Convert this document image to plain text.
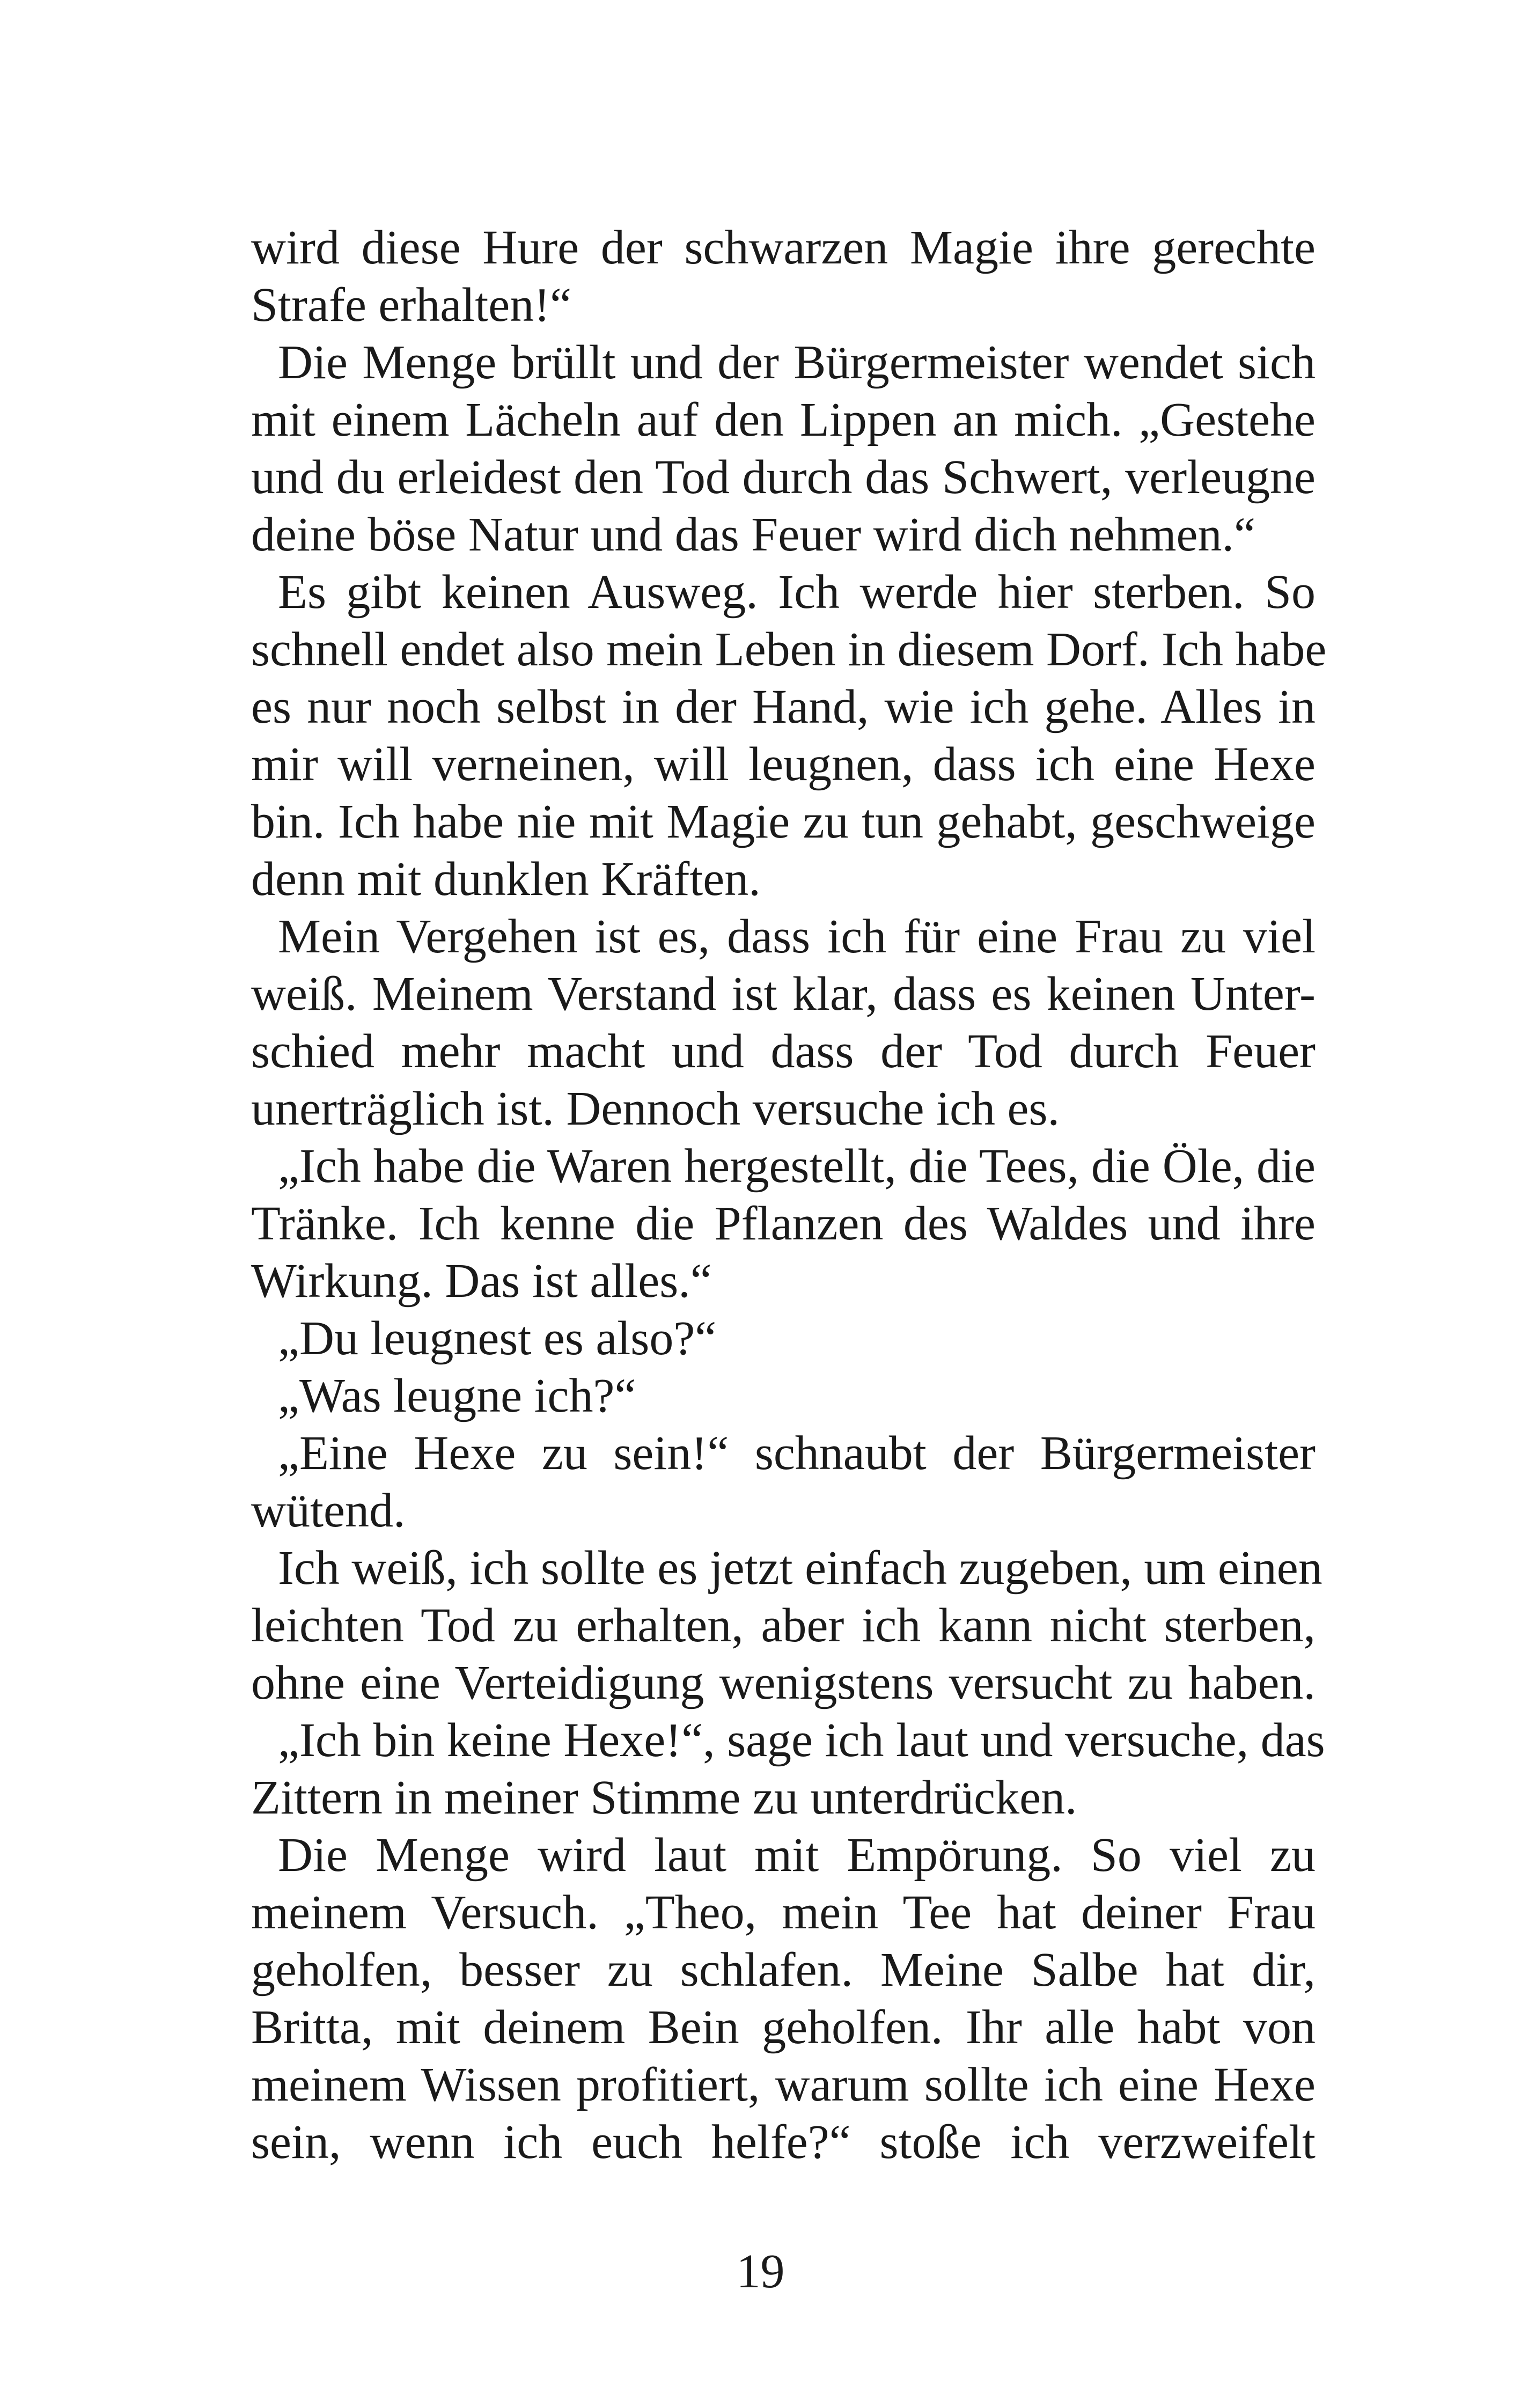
wird diese Hure der schwarzen Magie ihre gerechte
Strafe erhalten!“
Die Menge brüllt und der Bürgermeister wendet sich
mit einem Lächeln auf den Lippen an mich. „Gestehe
und du erleidest den Tod durch das Schwert, verleugne
deine böse Natur und das Feuer wird dich nehmen.“
Es gibt keinen Ausweg. Ich werde hier sterben. So
schnell endet also mein Leben in diesem Dorf. Ich habe
es nur noch selbst in der Hand, wie ich gehe. Alles in
mir will verneinen, will leugnen, dass ich eine Hexe
bin. Ich habe nie mit Magie zu tun gehabt, geschweige
denn mit dunklen Kräften.
Mein Vergehen ist es, dass ich für eine Frau zu viel
weiß. Meinem Verstand ist klar, dass es keinen Unter-
schied mehr macht und dass der Tod durch Feuer
unerträglich ist. Dennoch versuche ich es.
„Ich habe die Waren hergestellt, die Tees, die Öle, die
Tränke. Ich kenne die Pflanzen des Waldes und ihre
Wirkung. Das ist alles.“
„Du leugnest es also?“
„Was leugne ich?“
„Eine Hexe zu sein!“ schnaubt der Bürgermeister
wütend.
Ich weiß, ich sollte es jetzt einfach zugeben, um einen
leichten Tod zu erhalten, aber ich kann nicht sterben,
ohne eine Verteidigung wenigstens versucht zu haben.
„Ich bin keine Hexe!“, sage ich laut und versuche, das
Zittern in meiner Stimme zu unterdrücken.
Die Menge wird laut mit Empörung. So viel zu
meinem Versuch. „Theo, mein Tee hat deiner Frau
geholfen, besser zu schlafen. Meine Salbe hat dir,
Britta, mit deinem Bein geholfen. Ihr alle habt von
meinem Wissen profitiert, warum sollte ich eine Hexe
sein, wenn ich euch helfe?“ stoße ich verzweifelt
19
